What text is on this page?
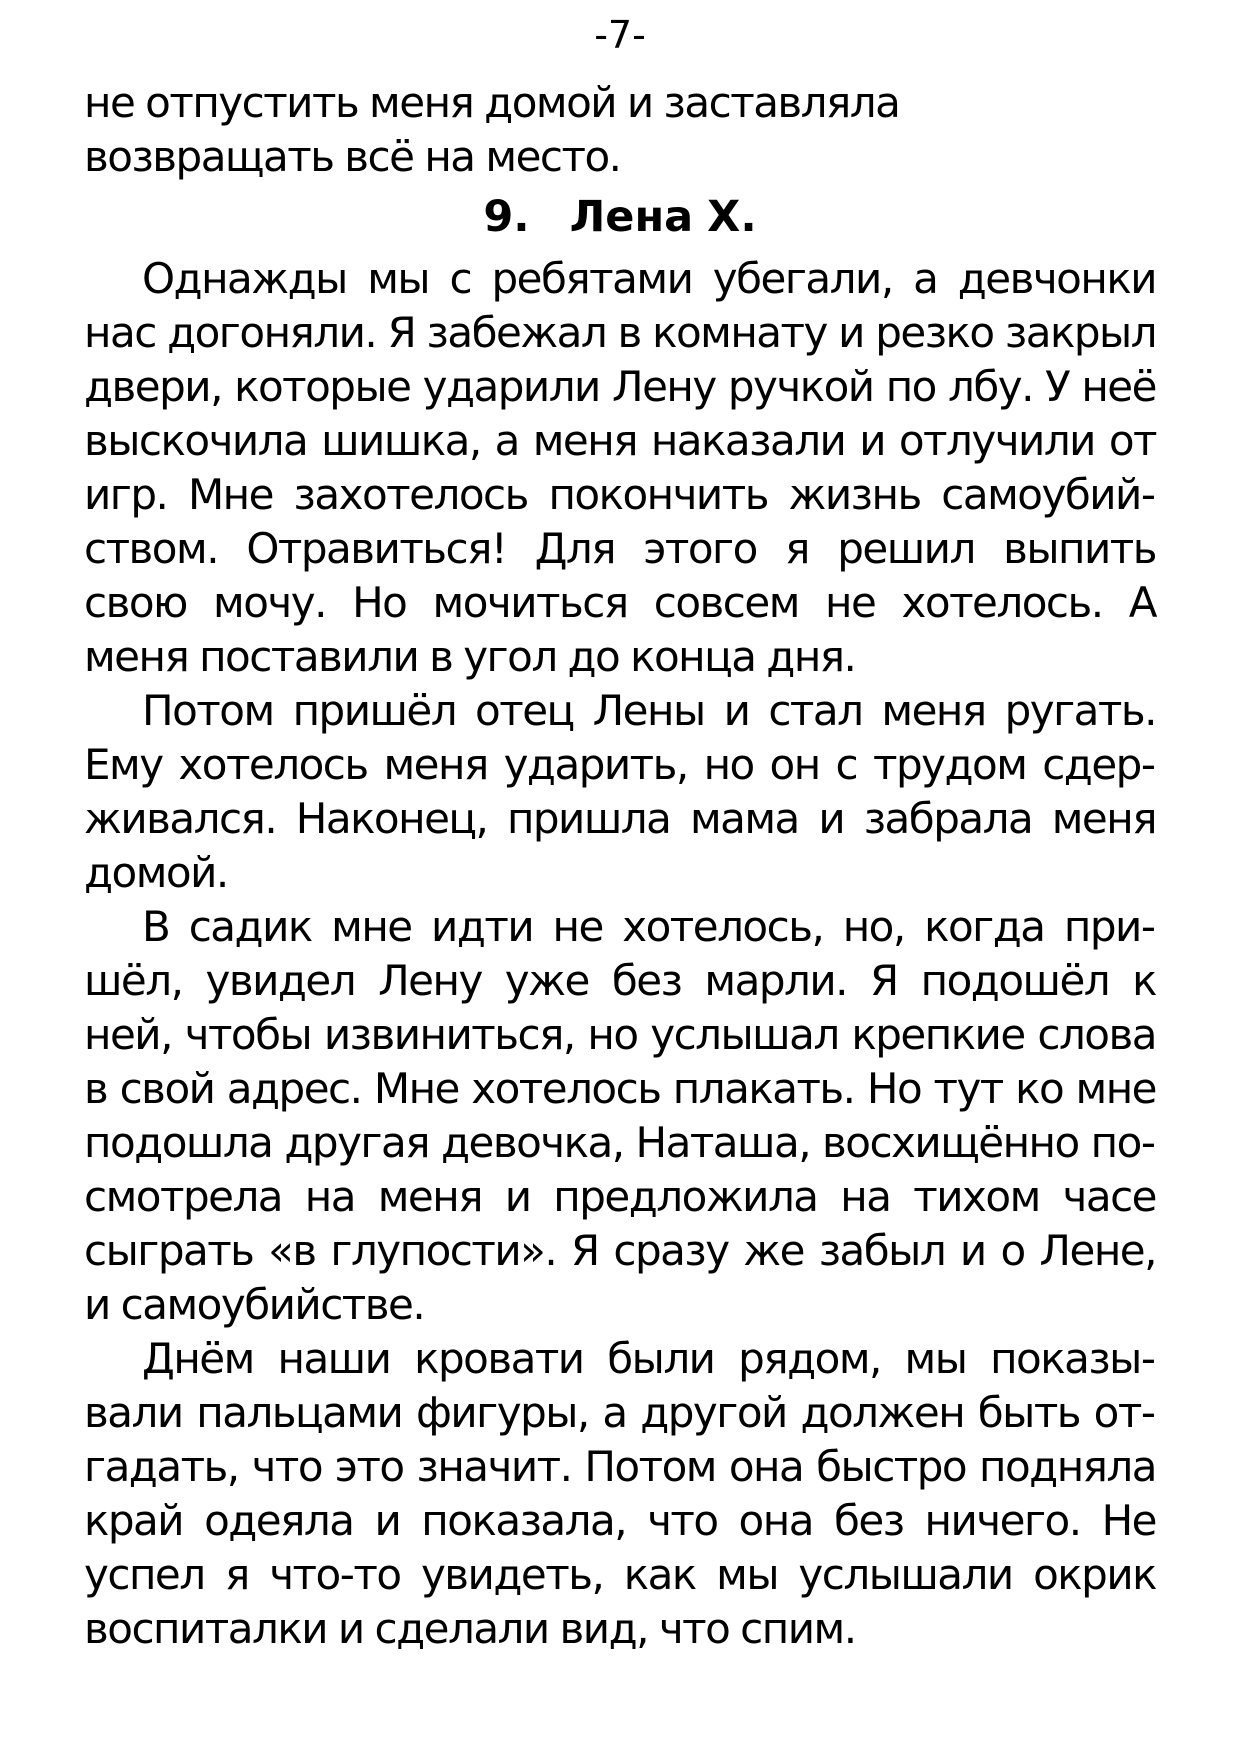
-7-

не отпустить меня домой и заставляла возвращать всё на место.

9. Лена Х.

Однажды мы с ребятами убегали, а девчонки нас догоняли. Я забежал в комнату и резко закрыл двери, которые ударили Лену ручкой по лбу. У неё выскочила шишка, а меня наказали и отлучили от игр. Мне захотелось покончить жизнь самоубийством. Отравиться! Для этого я решил выпить свою мочу. Но мочиться совсем не хотелось. А меня поставили в угол до конца дня.

Потом пришёл отец Лены и стал меня ругать. Ему хотелось меня ударить, но он с трудом сдерживался. Наконец, пришла мама и забрала меня домой.

В садик мне идти не хотелось, но, когда пришёл, увидел Лену уже без марли. Я подошёл к ней, чтобы извиниться, но услышал крепкие слова в свой адрес. Мне хотелось плакать. Но тут ко мне подошла другая девочка, Наташа, восхищённо посмотрела на меня и предложила на тихом часе сыграть «в глупости». Я сразу же забыл и о Лене, и самоубийстве.

Днём наши кровати были рядом, мы показывали пальцами фигуры, а другой должен быть отгадать, что это значит. Потом она быстро подняла край одеяла и показала, что она без ничего. Не успел я что-то увидеть, как мы услышали окрик воспиталки и сделали вид, что спим.
